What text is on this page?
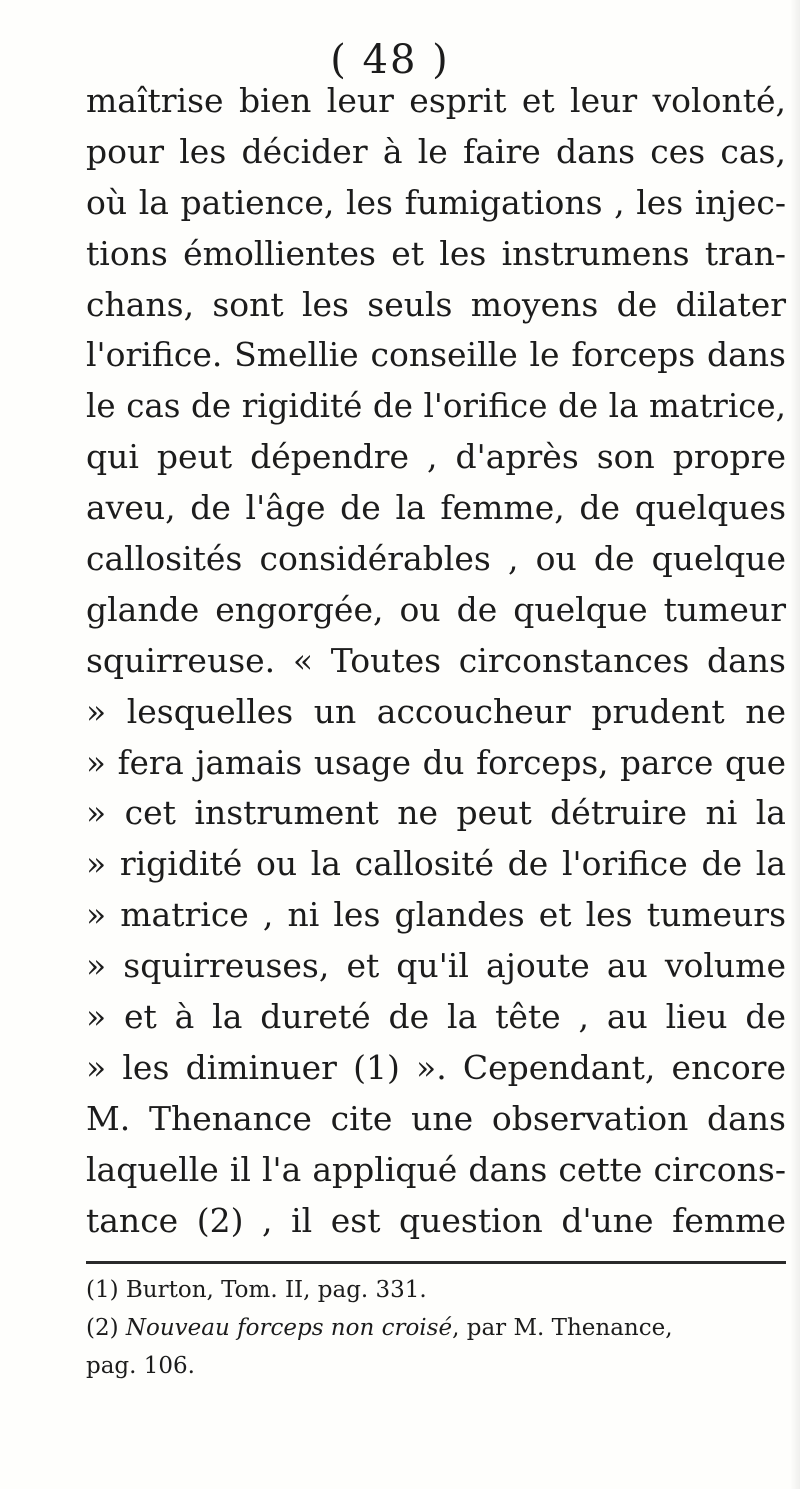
( 48 )
maîtrise bien leur esprit et leur volonté,
pour les décider à le faire dans ces cas,
où la patience, les fumigations , les injec-
tions émollientes et les instrumens tran-
chans, sont les seuls moyens de dilater
l'orifice. Smellie conseille le forceps dans
le cas de rigidité de l'orifice de la matrice,
qui peut dépendre , d'après son propre
aveu, de l'âge de la femme, de quelques
callosités considérables , ou de quelque
glande engorgée, ou de quelque tumeur
squirreuse. « Toutes circonstances dans
» lesquelles un accoucheur prudent ne
» fera jamais usage du forceps, parce que
» cet instrument ne peut détruire ni la
» rigidité ou la callosité de l'orifice de la
» matrice , ni les glandes et les tumeurs
» squirreuses, et qu'il ajoute au volume
» et à la dureté de la tête , au lieu de
» les diminuer (1) ». Cependant, encore
M. Thenance cite une observation dans
laquelle il l'a appliqué dans cette circons-
tance (2) , il est question d'une femme
(1) Burton, Tom. II, pag. 331.
(2) Nouveau forceps non croisé, par M. Thenance,
pag. 106.
